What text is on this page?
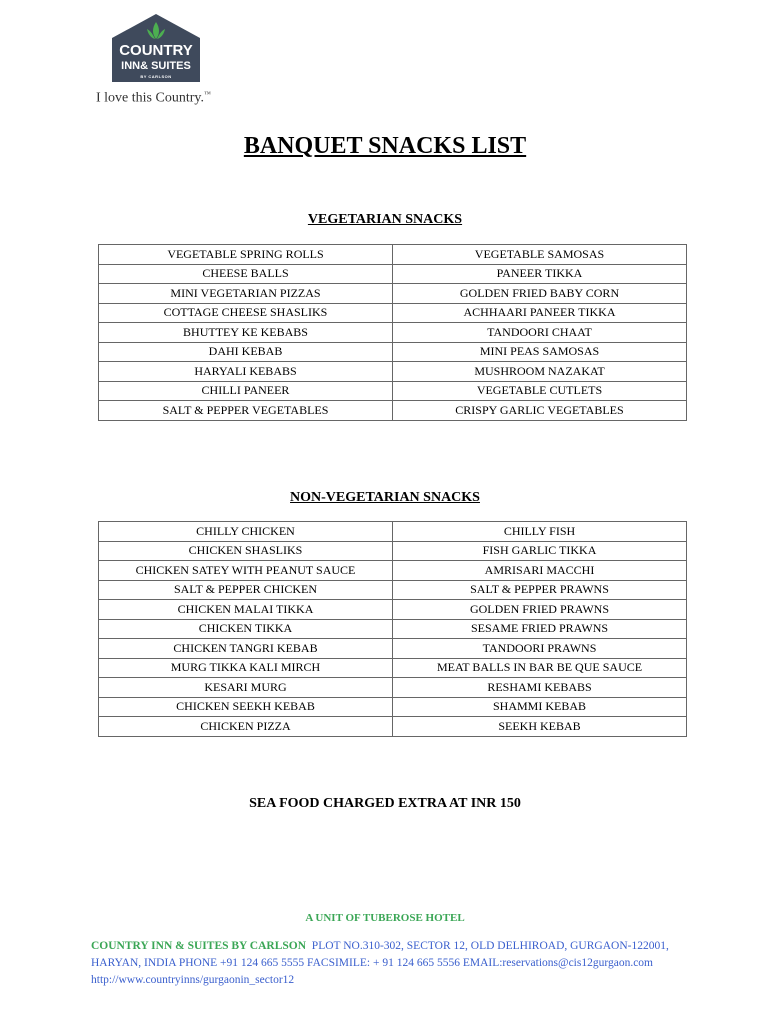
COUNTRY
INN& SUITES
BY CARLSON
I love this Country.™
BANQUET SNACKS LIST
VEGETARIAN SNACKS
VEGETABLE SPRING ROLLS	VEGETABLE SAMOSAS
CHEESE BALLS	PANEER TIKKA
MINI VEGETARIAN PIZZAS	GOLDEN FRIED BABY CORN
COTTAGE CHEESE SHASLIKS	ACHHAARI PANEER TIKKA
BHUTTEY KE KEBABS	TANDOORI CHAAT
DAHI KEBAB	MINI PEAS SAMOSAS
HARYALI KEBABS	MUSHROOM NAZAKAT
CHILLI PANEER	VEGETABLE CUTLETS
SALT & PEPPER VEGETABLES	CRISPY GARLIC VEGETABLES
NON-VEGETARIAN SNACKS
CHILLY CHICKEN	CHILLY FISH
CHICKEN SHASLIKS	FISH GARLIC TIKKA
CHICKEN SATEY WITH PEANUT SAUCE	AMRISARI MACCHI
SALT & PEPPER CHICKEN	SALT & PEPPER PRAWNS
CHICKEN MALAI TIKKA	GOLDEN FRIED PRAWNS
CHICKEN TIKKA	SESAME FRIED PRAWNS
CHICKEN TANGRI KEBAB	TANDOORI PRAWNS
MURG TIKKA KALI MIRCH	MEAT BALLS IN BAR BE QUE SAUCE
KESARI MURG	RESHAMI KEBABS
CHICKEN SEEKH KEBAB	SHAMMI KEBAB
CHICKEN PIZZA	SEEKH KEBAB
SEA FOOD CHARGED EXTRA AT INR 150
A UNIT OF TUBEROSE HOTEL
COUNTRY INN & SUITES BY CARLSON PLOT NO.310-302, SECTOR 12, OLD DELHIROAD, GURGAON-122001,
HARYAN, INDIA PHONE +91 124 665 5555 FACSIMILE: + 91 124 665 5556 EMAIL:reservations@cis12gurgaon.com
http://www.countryinns/gurgaonin_sector12
